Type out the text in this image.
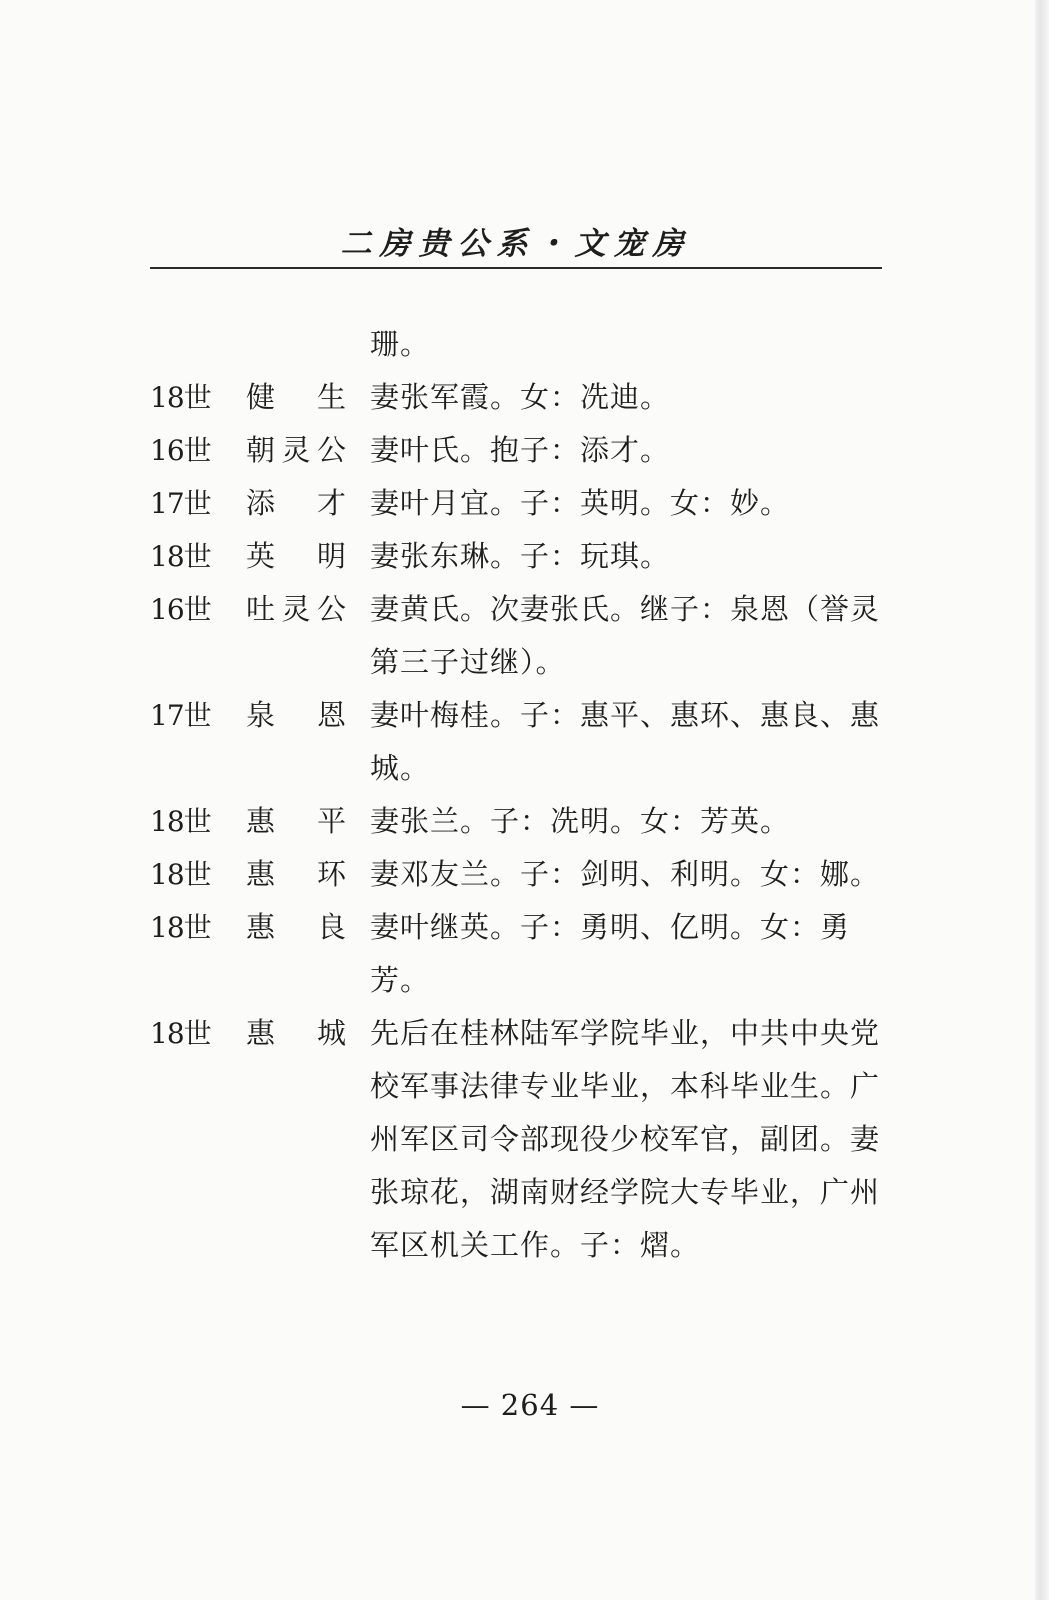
二房贵公系・文宠房
珊。
18世	健生 妻张军霞。女：冼迪。
16世	朝灵公 妻叶氏。抱子：添才。
17世	添才 妻叶月宜。子：英明。女：妙。
18世	英明 妻张东琳。子：玩琪。
16世	吐灵公 妻黄氏。次妻张氏。继子：泉恩（誉灵第三子过继）。
17世	泉恩 妻叶梅桂。子：惠平、惠环、惠良、惠城。
18世	惠平 妻张兰。子：冼明。女：芳英。
18世	惠环 妻邓友兰。子：剑明、利明。女：娜。
18世	惠良 妻叶继英。子：勇明、亿明。女：勇芳。
18世	惠城 先后在桂林陆军学院毕业，中共中央党校军事法律专业毕业，本科毕业生。广州军区司令部现役少校军官，副团。妻张琼花，湖南财经学院大专毕业，广州军区机关工作。子：熠。
— 264 —
